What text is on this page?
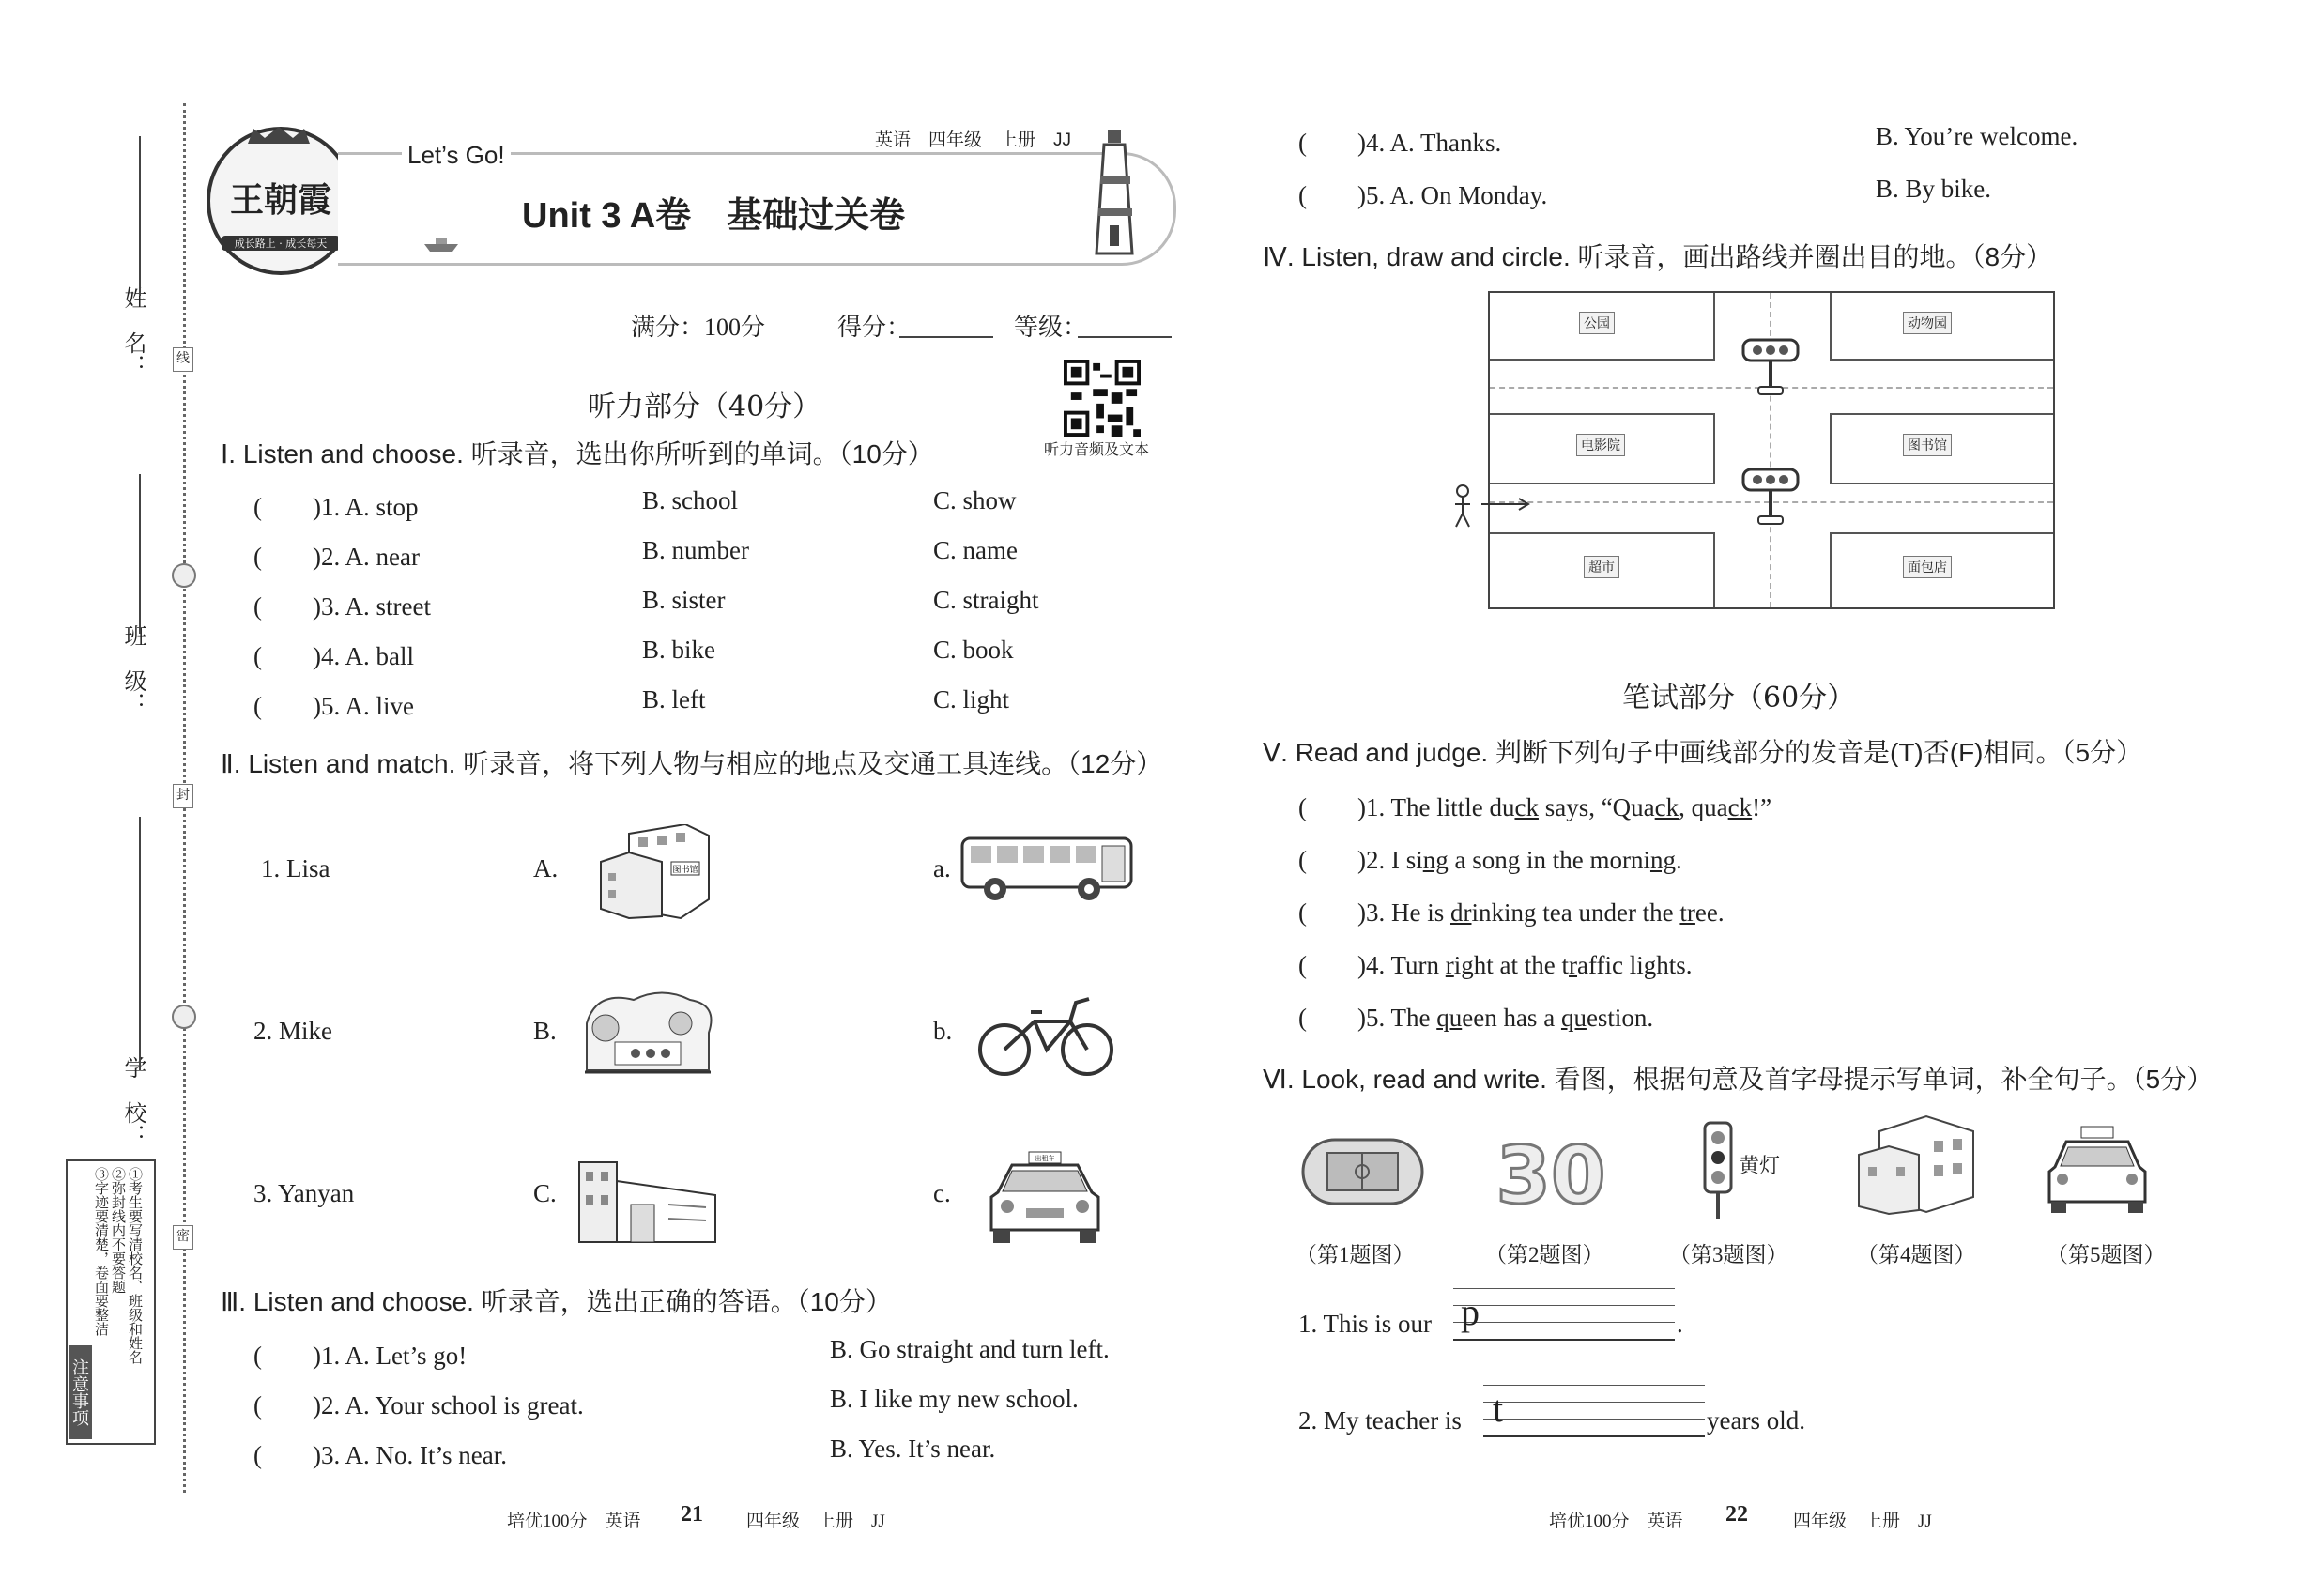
姓　名：
班　级：
学　校：
线
封
密
注意事项
①考生要写清校名、班级和姓名
②弥封线内不要答题
③字迹要清楚，卷面要整洁
王朝霞
成长路上 · 成长每天
Let’s Go!
英语　四年级　上册　JJ
Unit 3 A卷　基础过关卷
满分：100分	得分：	等级：
听力音频及文本
听力部分（40分）
Ⅰ. Listen and choose. 听录音，选出你所听到的单词。（10分）
(　　)1. A. stop	B. school	C. show
(　　)2. A. near	B. number	C. name
(　　)3. A. street	B. sister	C. straight
(　　)4. A. ball	B. bike	C. book
(　　)5. A. live	B. left	C. light
Ⅱ. Listen and match. 听录音，将下列人物与相应的地点及交通工具连线。（12分）
1. Lisa
2. Mike
3. Yanyan
A.
B.
C.
a.
b.
c.
图书馆
出租车
Ⅲ. Listen and choose. 听录音，选出正确的答语。（10分）
(　　)1. A. Let’s go!	B. Go straight and turn left.
(　　)2. A. Your school is great.	B. I like my new school.
(　　)3. A. No. It’s near.	B. Yes. It’s near.
(　　)4. A. Thanks.	B. You’re welcome.
(　　)5. A. On Monday.	B. By bike.
培优100分　英语 21 四年级　上册　JJ
Ⅳ. Listen, draw and circle. 听录音，画出路线并圈出目的地。（8分）
公园	动物园
电影院	图书馆
超市	面包店
笔试部分（60分）
Ⅴ. Read and judge. 判断下列句子中画线部分的发音是(T)否(F)相同。（5分）
(　　)1. The little duck says, “Quack, quack!”
(　　)2. I sing a song in the morning.
(　　)3. He is drinking tea under the tree.
(　　)4. Turn right at the traffic lights.
(　　)5. The queen has a question.
Ⅵ. Look, read and write. 看图，根据句意及首字母提示写单词，补全句子。（5分）
30	黄灯
（第1题图）	（第2题图）	（第3题图）	（第4题图）	（第5题图）
1. This is our p	.
2. My teacher is t	years old.
培优100分　英语 22	四年级　上册　JJ
